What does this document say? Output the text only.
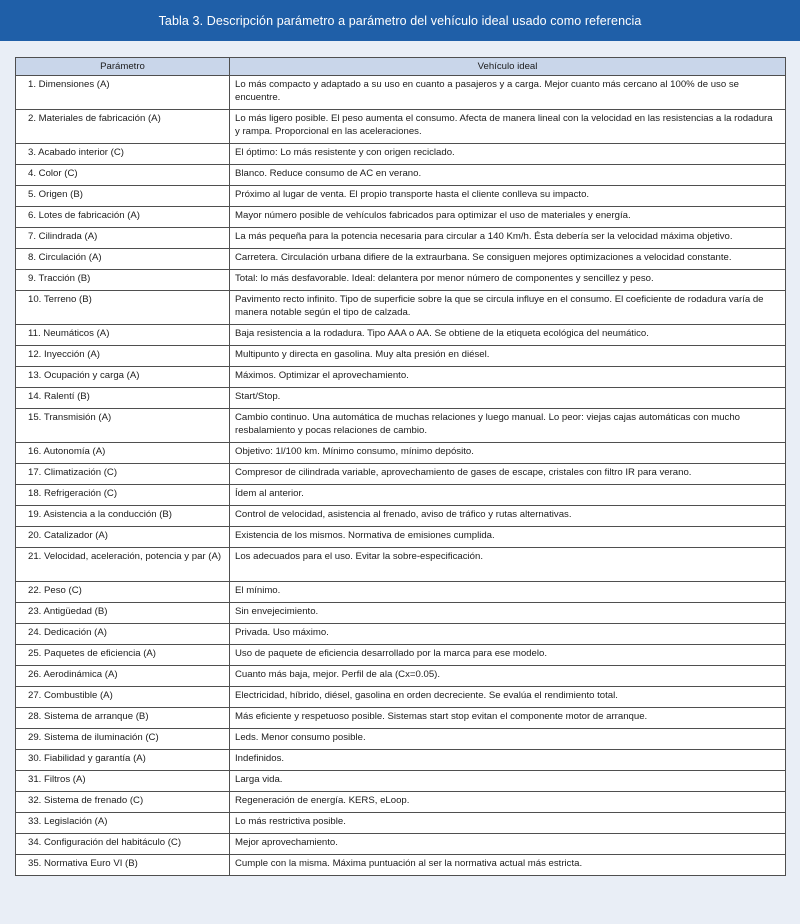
Tabla 3. Descripción parámetro a parámetro del vehículo ideal usado como referencia
Parámetro	Vehículo ideal
1. Dimensiones (A)	Lo más compacto y adaptado a su uso en cuanto a pasajeros y a carga. Mejor cuanto más cercano al 100% de uso se encuentre.
2. Materiales de fabricación (A)	Lo más ligero posible. El peso aumenta el consumo. Afecta de manera lineal con la velocidad en las resistencias a la rodadura y rampa. Proporcional en las aceleraciones.
3. Acabado interior (C)	El óptimo: Lo más resistente y con origen reciclado.
4. Color (C)	Blanco. Reduce consumo de AC en verano.
5. Origen (B)	Próximo al lugar de venta. El propio transporte hasta el cliente conlleva su impacto.
6. Lotes de fabricación (A)	Mayor número posible de vehículos fabricados para optimizar el uso de materiales y energía.
7. Cilindrada (A)	La más pequeña para la potencia necesaria para circular a 140 Km/h. Ésta debería ser la velocidad máxima objetivo.
8. Circulación (A)	Carretera. Circulación urbana difiere de la extraurbana. Se consiguen mejores optimizaciones a velocidad constante.
9. Tracción (B)	Total: lo más desfavorable. Ideal: delantera por menor número de componentes y sencillez y peso.
10. Terreno (B)	Pavimento recto infinito. Tipo de superficie sobre la que se circula influye en el consumo. El coeficiente de rodadura varía de manera notable según el tipo de calzada.
11. Neumáticos (A)	Baja resistencia a la rodadura. Tipo AAA o AA. Se obtiene de la etiqueta ecológica del neumático.
12. Inyección (A)	Multipunto y directa en gasolina. Muy alta presión en diésel.
13. Ocupación y carga (A)	Máximos. Optimizar el aprovechamiento.
14. Ralentí (B)	Start/Stop.
15. Transmisión (A)	Cambio continuo. Una automática de muchas relaciones y luego manual. Lo peor: viejas cajas automáticas con mucho resbalamiento y pocas relaciones de cambio.
16. Autonomía (A)	Objetivo: 1l/100 km. Mínimo consumo, mínimo depósito.
17. Climatización (C)	Compresor de cilindrada variable, aprovechamiento de gases de escape, cristales con filtro IR para verano.
18. Refrigeración (C)	Ídem al anterior.
19. Asistencia a la conducción (B)	Control de velocidad, asistencia al frenado, aviso de tráfico y rutas alternativas.
20. Catalizador (A)	Existencia de los mismos. Normativa de emisiones cumplida.
21. Velocidad, aceleración, potencia y par (A)	Los adecuados para el uso. Evitar la sobre-especificación.
22. Peso (C)	El mínimo.
23. Antigüedad (B)	Sin envejecimiento.
24. Dedicación (A)	Privada. Uso máximo.
25. Paquetes de eficiencia (A)	Uso de paquete de eficiencia desarrollado por la marca para ese modelo.
26. Aerodinámica (A)	Cuanto más baja, mejor. Perfil de ala (Cx=0.05).
27. Combustible (A)	Electricidad, híbrido, diésel, gasolina en orden decreciente. Se evalúa el rendimiento total.
28. Sistema de arranque (B)	Más eficiente y respetuoso posible. Sistemas start stop evitan el componente motor de arranque.
29. Sistema de iluminación (C)	Leds. Menor consumo posible.
30. Fiabilidad y garantía (A)	Indefinidos.
31. Filtros (A)	Larga vida.
32. Sistema de frenado (C)	Regeneración de energía. KERS, eLoop.
33. Legislación (A)	Lo más restrictiva posible.
34. Configuración del habitáculo (C)	Mejor aprovechamiento.
35. Normativa Euro VI (B)	Cumple con la misma. Máxima puntuación al ser la normativa actual más estricta.
